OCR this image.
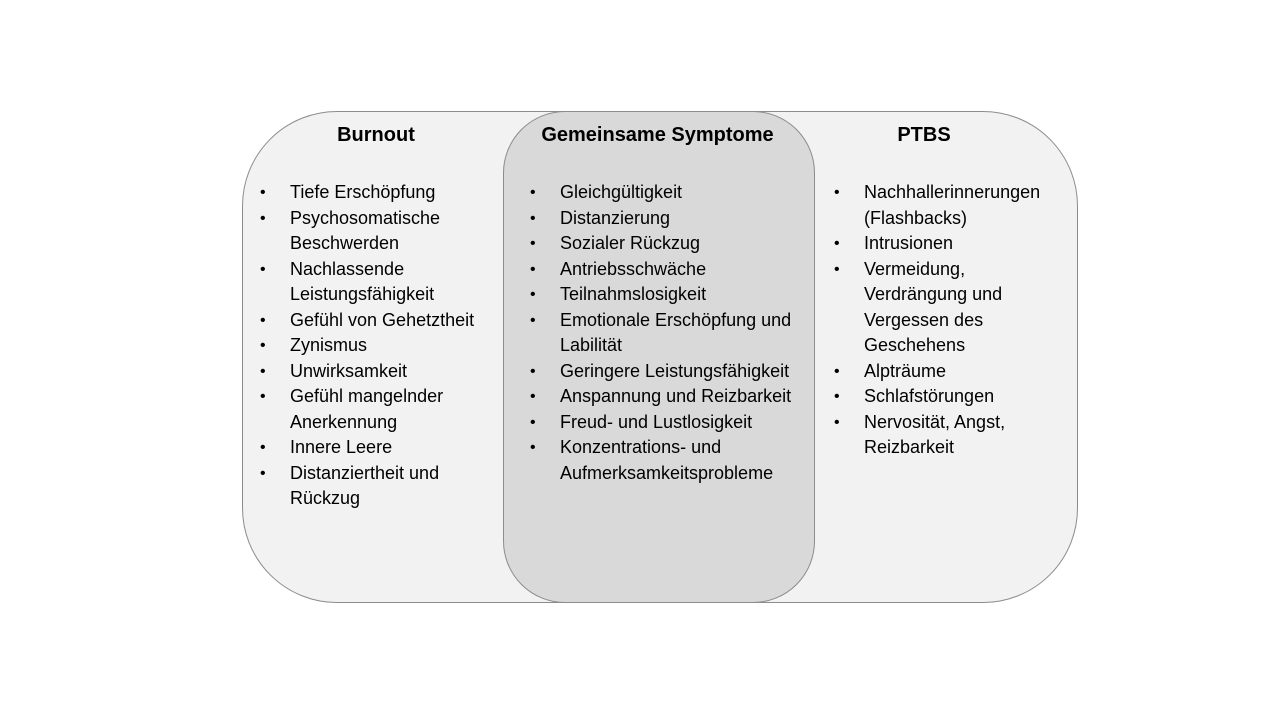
Burnout
• Tiefe Erschöpfung
• Psychosomatische Beschwerden
• Nachlassende Leistungsfähigkeit
• Gefühl von Gehetztheit
• Zynismus
• Unwirksamkeit
• Gefühl mangelnder Anerkennung
• Innere Leere
• Distanziertheit und Rückzug
Gemeinsame Symptome
• Gleichgültigkeit
• Distanzierung
• Sozialer Rückzug
• Antriebsschwäche
• Teilnahmslosigkeit
• Emotionale Erschöpfung und Labilität
• Geringere Leistungsfähigkeit
• Anspannung und Reizbarkeit
• Freud- und Lustlosigkeit
• Konzentrations- und Aufmerksamkeitsprobleme
PTBS
• Nachhallerinnerungen (Flashbacks)
• Intrusionen
• Vermeidung, Verdrängung und Vergessen des Geschehens
• Alpträume
• Schlafstörungen
• Nervosität, Angst, Reizbarkeit
